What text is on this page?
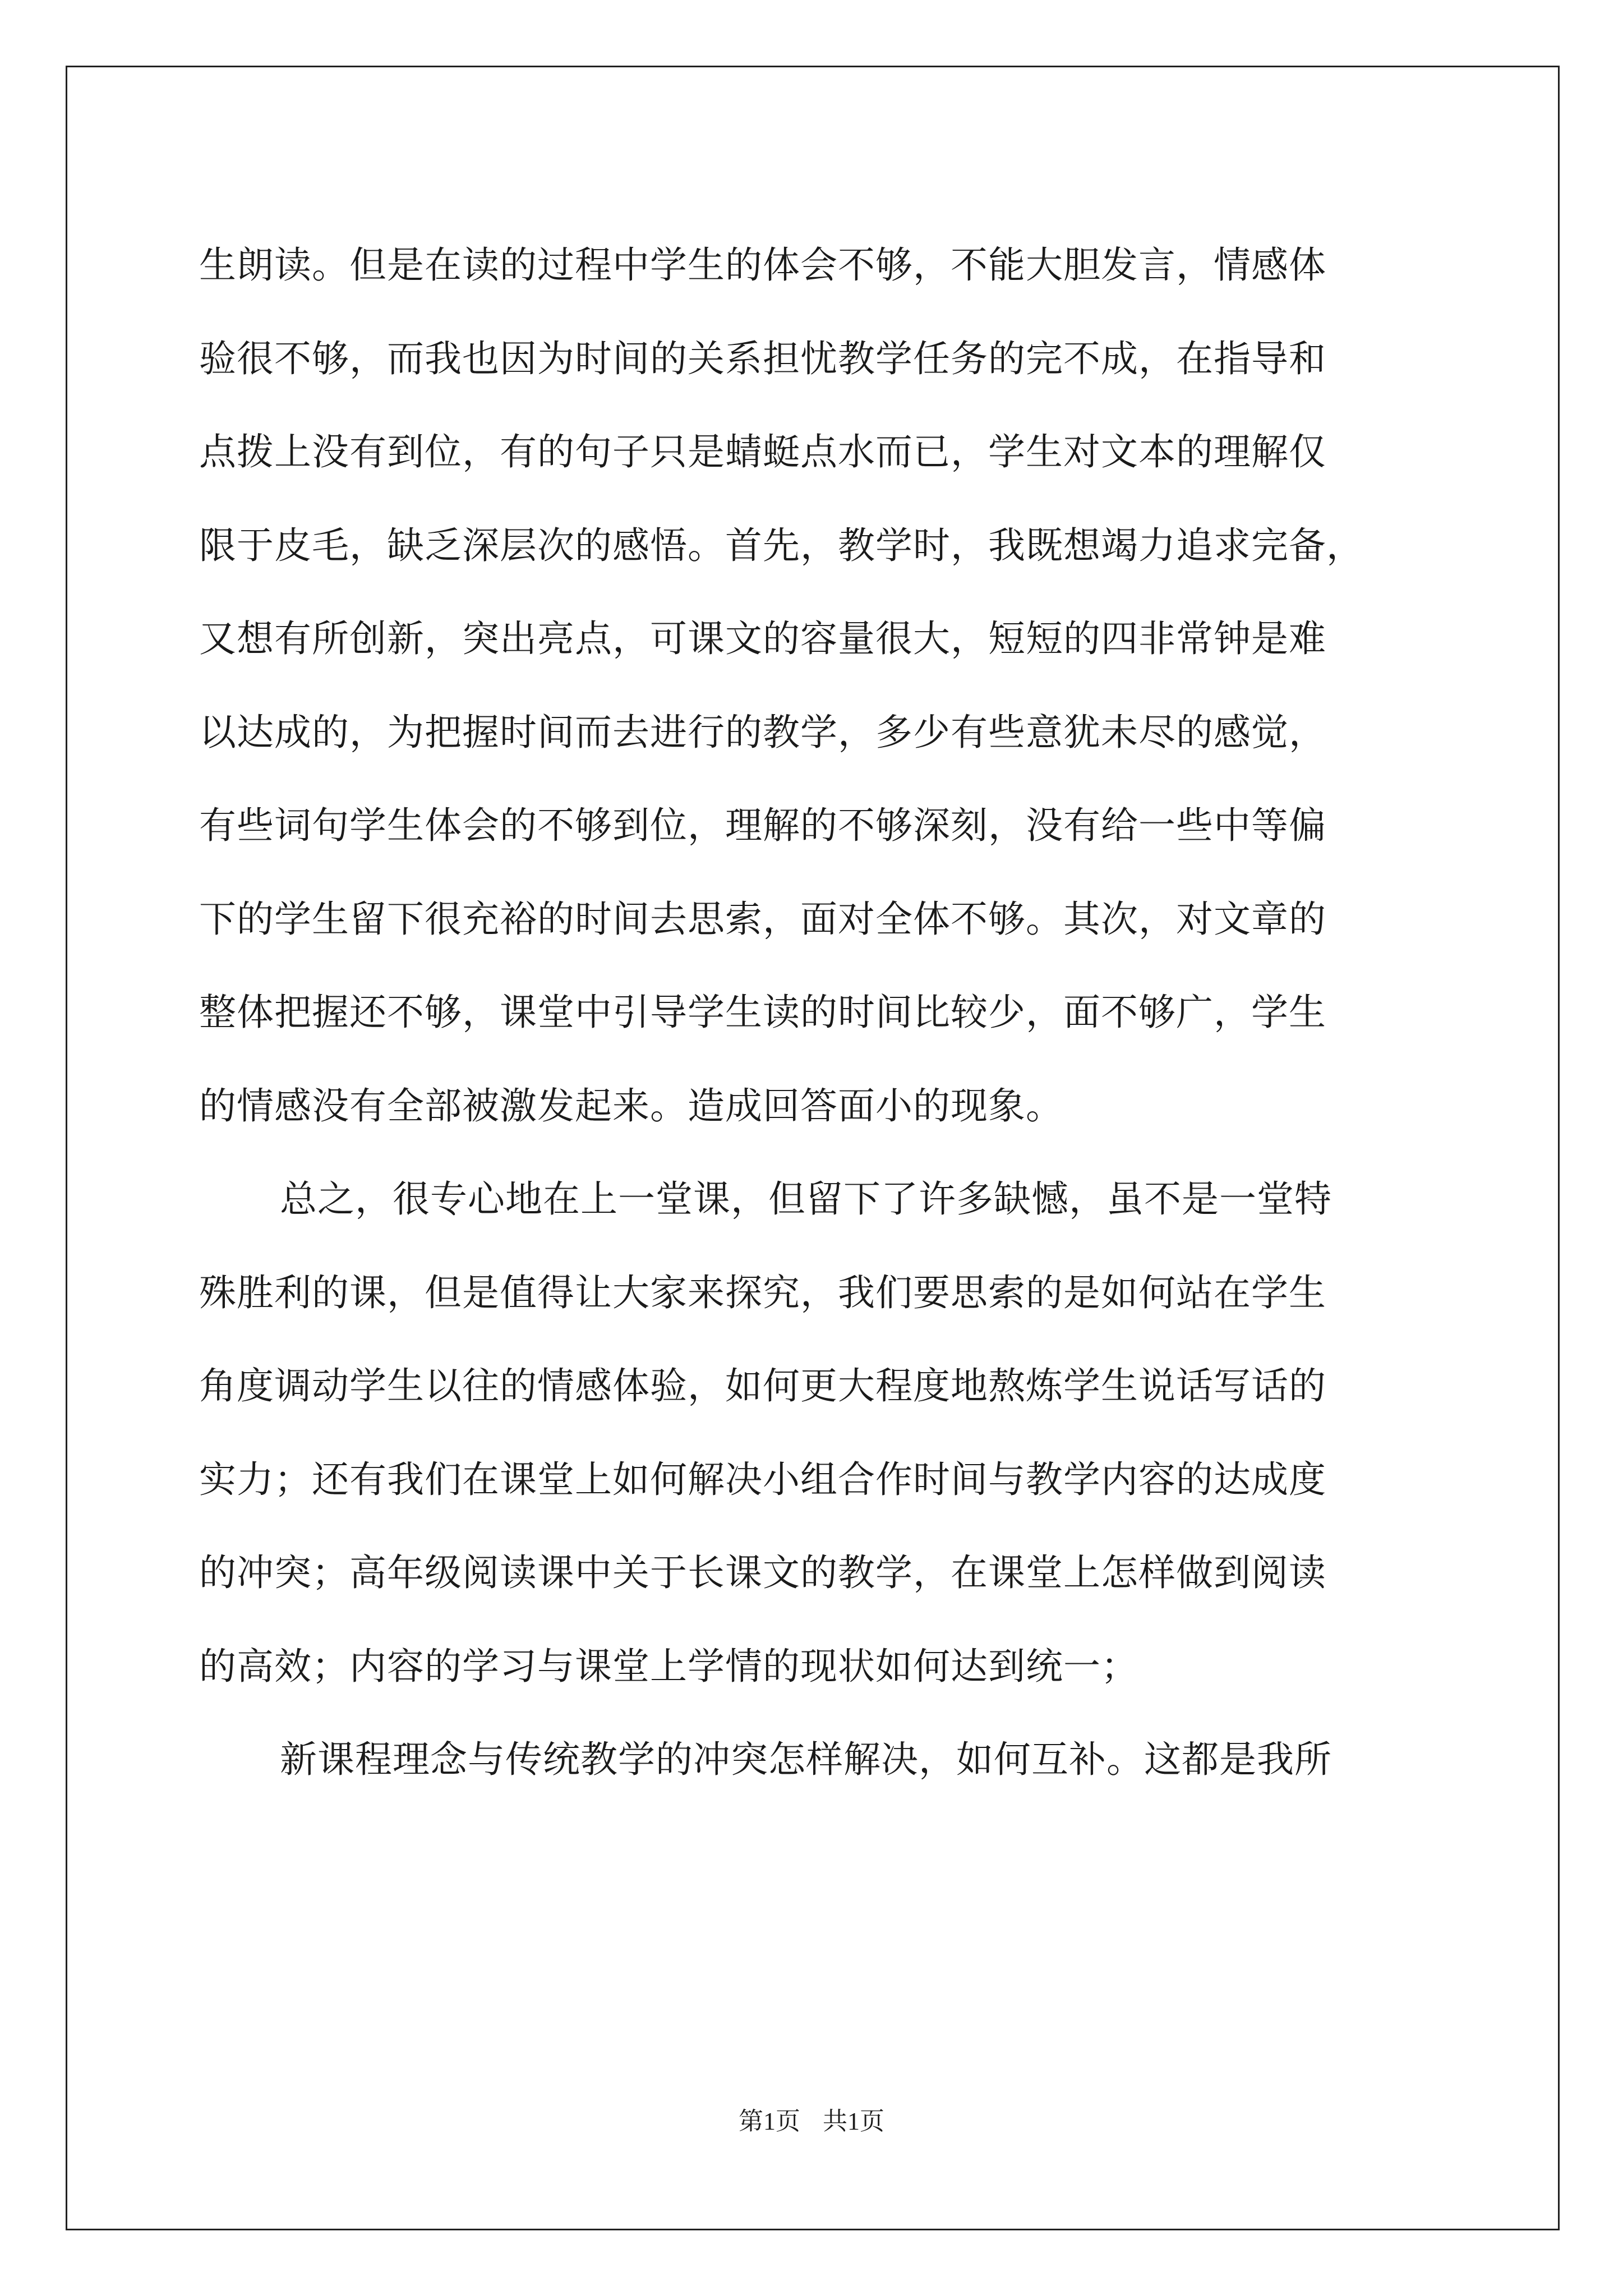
生朗读。但是在读的过程中学生的体会不够，不能大胆发言，情感体
验很不够，而我也因为时间的关系担忧教学任务的完不成，在指导和
点拨上没有到位，有的句子只是蜻蜓点水而已，学生对文本的理解仅
限于皮毛，缺乏深层次的感悟。首先，教学时，我既想竭力追求完备，
又想有所创新，突出亮点，可课文的容量很大，短短的四非常钟是难
以达成的，为把握时间而去进行的教学，多少有些意犹未尽的感觉，
有些词句学生体会的不够到位，理解的不够深刻，没有给一些中等偏
下的学生留下很充裕的时间去思索，面对全体不够。其次，对文章的
整体把握还不够，课堂中引导学生读的时间比较少，面不够广，学生
的情感没有全部被激发起来。造成回答面小的现象。
总之，很专心地在上一堂课，但留下了许多缺憾，虽不是一堂特
殊胜利的课，但是值得让大家来探究，我们要思索的是如何站在学生
角度调动学生以往的情感体验，如何更大程度地熬炼学生说话写话的
实力；还有我们在课堂上如何解决小组合作时间与教学内容的达成度
的冲突；高年级阅读课中关于长课文的教学，在课堂上怎样做到阅读
的高效；内容的学习与课堂上学情的现状如何达到统一；
新课程理念与传统教学的冲突怎样解决，如何互补。这都是我所
第1页 共1页
